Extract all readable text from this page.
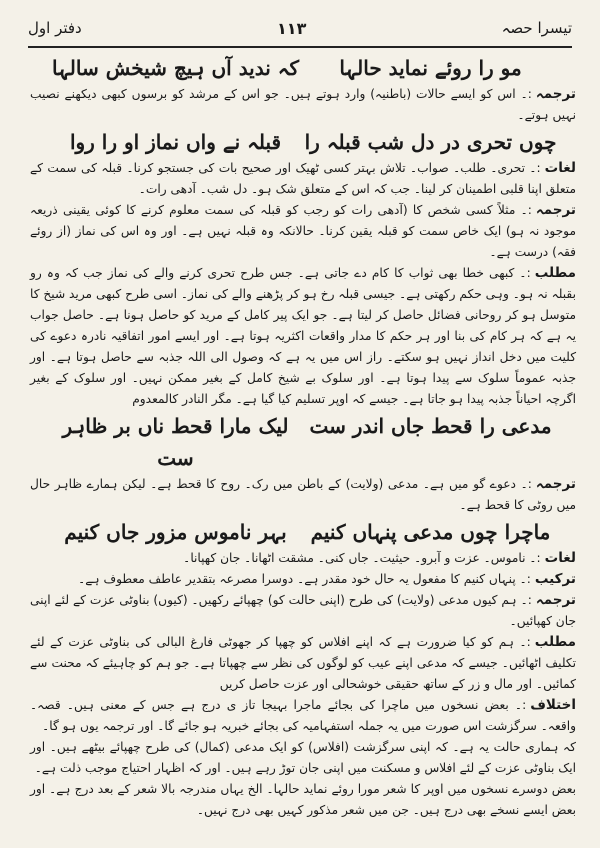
تیسرا حصہ
۱۱۳
دفتر اول
مو را روئے نماید حالہا
کہ ندید آں ہیچ شیخش سالہا

ترجمہ:۔ اس کو ایسے حالات (باطنیہ) وارد ہوتے ہیں۔ جو اس کے مرشد کو برسوں کبھی دیکھنے نصیب نہیں ہوتے۔

چوں تحری در دل شب قبلہ را
قبلہ نے واں نماز او را روا

لغات:۔ تحری۔ طلب۔ صواب۔ تلاش بہتر کسی ٹھیک اور صحیح بات کی جستجو کرنا۔ قبلہ کی سمت کے متعلق اپنا قلبی اطمینان کر لینا۔ جب کہ اس کے متعلق شک ہو۔ دل شب۔ آدھی رات۔

ترجمہ:۔ مثلاً کسی شخص کا (آدھی رات کو رجب کو قبلہ کی سمت معلوم کرنے کا کوئی یقینی ذریعہ موجود نہ ہو) ایک خاص سمت کو قبلہ یقین کرنا۔ حالانکہ وہ قبلہ نہیں ہے۔ اور وہ اس کی نماز (از روئے فقہ) درست ہے۔

مطلب:۔ کبھی خطا بھی ثواب کا کام دے جاتی ہے۔ جس طرح تحری کرنے والے کی نماز جب کہ وہ رو بقبلہ نہ ہو۔ وہی حکم رکھتی ہے۔ جیسی قبلہ رخ ہو کر پڑھنے والے کی نماز۔ اسی طرح کبھی مرید شیخ کا متوسل ہو کر روحانی فضائل حاصل کر لیتا ہے۔ جو ایک پیر کامل کے مرید کو حاصل ہونا ہے۔ حاصل جواب یہ ہے کہ ہر کام کی بنا اور ہر حکم کا مدار واقعات اکثریہ ہوتا ہے۔ اور ایسے امور اتفاقیہ نادرہ دعوے کی کلیت میں دخل انداز نہیں ہو سکتے۔ راز اس میں یہ ہے کہ وصول الی اللہ جذبہ سے حاصل ہوتا ہے۔ اور جذبہ عموماً سلوک سے پیدا ہوتا ہے۔ اور سلوک بے شیخ کامل کے بغیر ممکن نہیں۔ اور سلوک کے بغیر اگرچہ احیاناً جذبہ پیدا ہو جاتا ہے۔ جیسے کہ اوپر تسلیم کیا گیا ہے۔ مگر النادر کالمعدوم

مدعی را قحط جاں اندر ست
لیک مارا قحط ناں بر ظاہر ست

ترجمہ:۔ دعوے گو میں ہے۔ مدعی (ولایت) کے باطن میں رک۔ روح کا قحط ہے۔ لیکن ہمارے ظاہر حال میں روٹی کا قحط ہے۔

ماچرا چوں مدعی پنہاں کنیم
بہر ناموس مزور جاں کنیم

لغات:۔ ناموس۔ عزت و آبرو۔ حیثیت۔ جاں کنی۔ مشقت اٹھانا۔ جان کھپانا۔

ترکیب:۔ پنہاں کنیم کا مفعول یہ حال خود مقدر ہے۔ دوسرا مصرعہ بتقدیر عاطف معطوف ہے۔

ترجمہ:۔ ہم کیوں مدعی (ولایت) کی طرح (اپنی حالت کو) چھپائے رکھیں۔ (کیوں) بناوٹی عزت کے لئے اپنی جان کھپائیں۔

مطلب:۔ ہم کو کیا ضرورت ہے کہ اپنے افلاس کو چھپا کر جھوٹی فارغ البالی کی بناوٹی عزت کے لئے تکلیف اٹھائیں۔ جیسے کہ مدعی اپنے عیب کو لوگوں کی نظر سے چھپاتا ہے۔ جو ہم کو چاہیئے کہ محنت سے کمائیں۔ اور مال و زر کے ساتھ حقیقی خوشحالی اور عزت حاصل کریں

اختلاف:۔ بعض نسخوں میں ماچرا کی بجائے ماجرا بہیجا تاز ی درج ہے جس کے معنی ہیں۔ قصہ۔ واقعہ۔ سرگزشت اس صورت میں یہ جملہ استفہامیہ کی بجائے خبریہ ہو جائے گا۔ اور ترجمہ یوں ہو گا۔

کہ ہماری حالت یہ ہے۔ کہ اپنی سرگزشت (افلاس) کو ایک مدعی (کمال) کی طرح چھپائے بیٹھے ہیں۔ اور ایک بناوٹی عزت کے لئے افلاس و مسکنت میں اپنی جان توڑ رہے ہیں۔ اور کہ اظہار احتیاج موجب ذلت ہے۔

بعض دوسرے نسخوں میں اوپر کا شعر مورا روئے نماید حالہا۔ الخ یہاں مندرجہ بالا شعر کے بعد درج ہے۔ اور بعض ایسے نسخے بھی درج ہیں۔ جن میں شعر مذکور کہیں بھی درج نہیں۔
